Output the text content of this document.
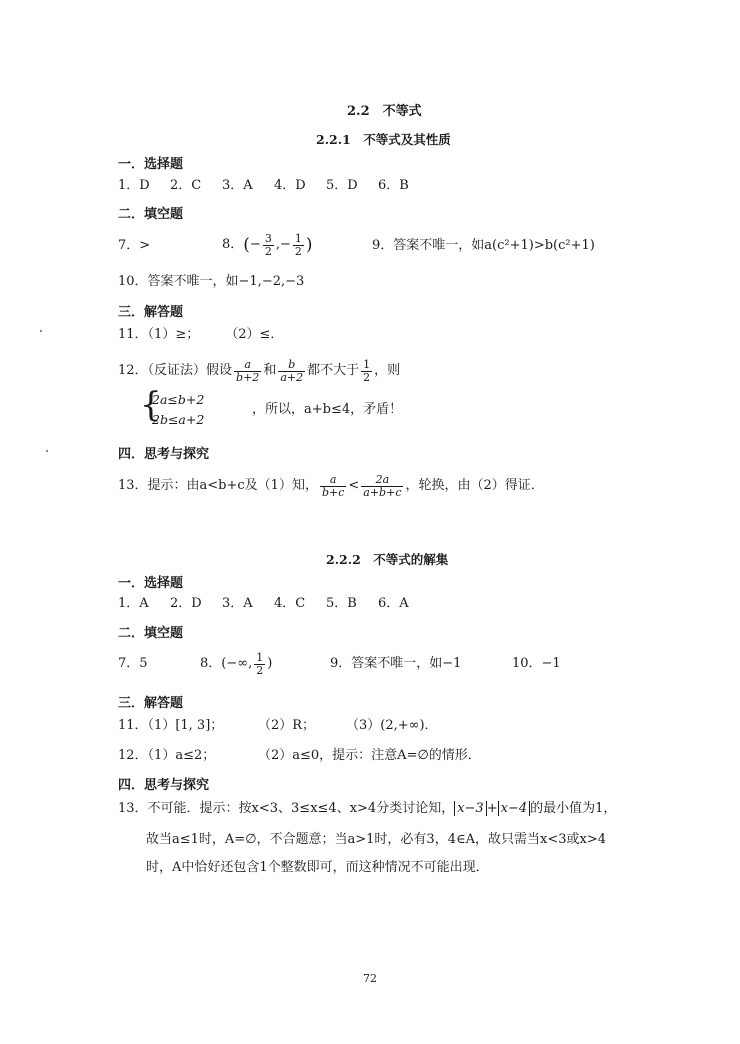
2.2　不等式
2.2.1　不等式及其性质
一．选择题
1．D 2．C 3．A 4．D 5．D 6．B
二．填空题
7．>	8． ( − $\frac{3}{2}$ ,− $\frac{1}{2}$ )	9．答案不唯一，如a(c²+1)>b(c²+1)
10．答案不唯一，如−1,−2,−3
三．解答题
11．（1）≥；　　　（2）≤．
12．（反证法）假设 $\frac{a}{b+2}$ 和 $\frac{b}{a+2}$ 都不大于 $\frac{1}{2}$ ，则
{
2a≤b+2
2b≤a+2
，所以，a+b≤4，矛盾！
四．思考与探究
13．提示：由a<b+c及（1）知， $\frac{a}{b+c} < \frac{2a}{a+b+c}$ ，轮换，由（2）得证．
2.2.2　不等式的解集
一．选择题
1．A 2．D 3．A 4．C 5．B 6．A
二．填空题
7．5	8． (−∞, $\frac{1}{2}$ )	9．答案不唯一，如−1	10．−1
三．解答题
11．（1）[1, 3]；	（2）R； （3）(2,+∞)．
12．（1）a≤2；	（2）a≤0，提示：注意A=∅的情形．
四．思考与探究
13．不可能．提示：按x<3、3≤x≤4、x>4分类讨论知， x−3 + x−4 的最小值为1，
故当a≤1时，A=∅，不合题意；当a>1时，必有3，4∈A，故只需当x<3或x>4
时，A中恰好还包含1个整数即可，而这种情况不可能出现．
72
